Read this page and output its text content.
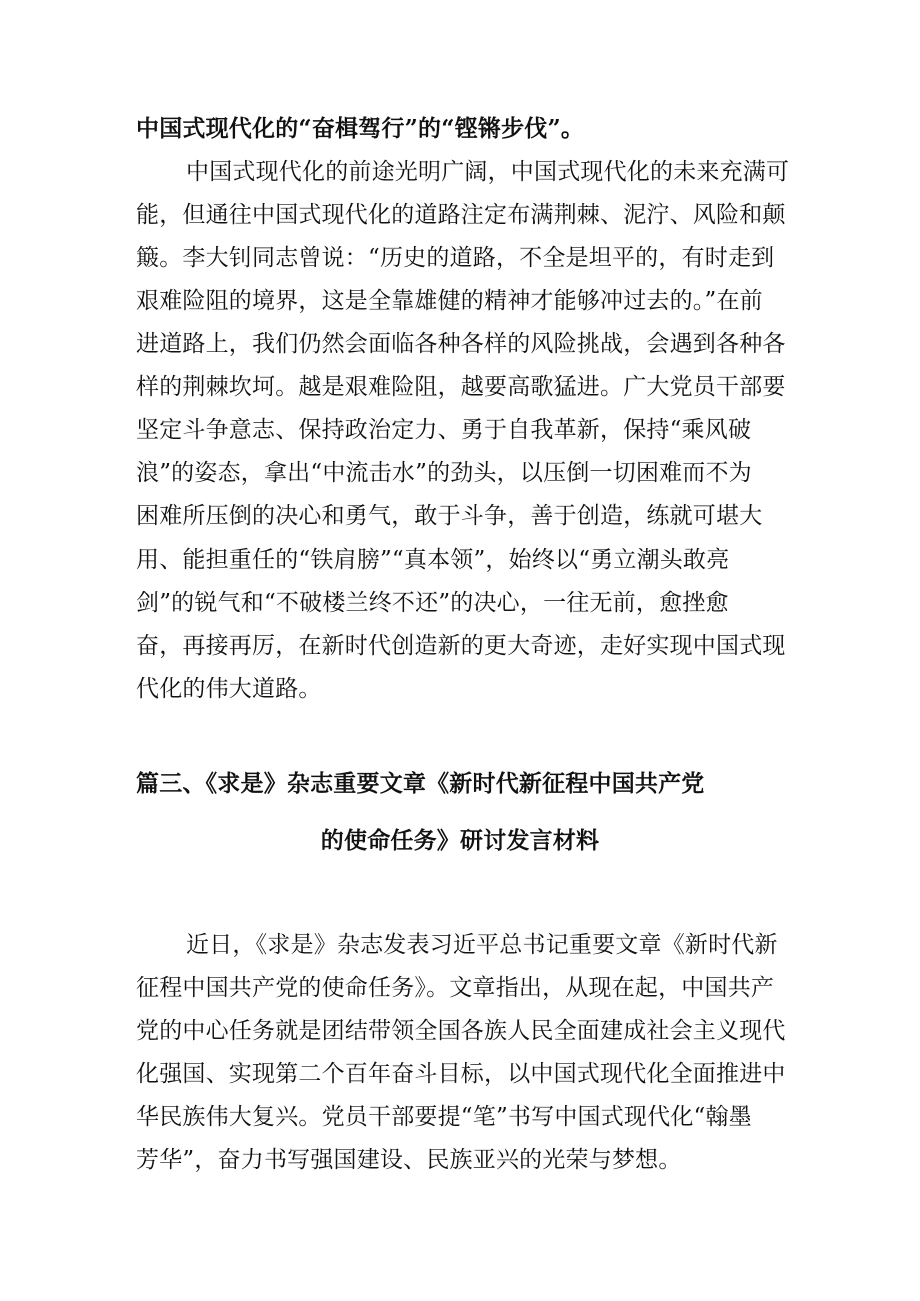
中国式现代化的“奋楫驾行”的“铿锵步伐”。
中国式现代化的前途光明广阔，中国式现代化的未来充满可
能，但通往中国式现代化的道路注定布满荆棘、泥泞、风险和颠
簸。李大钊同志曾说：“历史的道路，不全是坦平的，有时走到
艰难险阻的境界，这是全靠雄健的精神才能够冲过去的。”在前
进道路上，我们仍然会面临各种各样的风险挑战，会遇到各种各
样的荆棘坎坷。越是艰难险阻，越要高歌猛进。广大党员干部要
坚定斗争意志、保持政治定力、勇于自我革新，保持“乘风破
浪”的姿态，拿出“中流击水”的劲头，以压倒一切困难而不为
困难所压倒的决心和勇气，敢于斗争，善于创造，练就可堪大
用、能担重任的“铁肩膀”“真本领”，始终以“勇立潮头敢亮
剑”的锐气和“不破楼兰终不还”的决心，一往无前，愈挫愈
奋，再接再厉，在新时代创造新的更大奇迹，走好实现中国式现
代化的伟大道路。
篇三、《求是》杂志重要文章《新时代新征程中国共产党
的使命任务》研讨发言材料
近日，《求是》杂志发表习近平总书记重要文章《新时代新
征程中国共产党的使命任务》。文章指出，从现在起，中国共产
党的中心任务就是团结带领全国各族人民全面建成社会主义现代
化强国、实现第二个百年奋斗目标，以中国式现代化全面推进中
华民族伟大复兴。党员干部要提“笔”书写中国式现代化“翰墨
芳华”，奋力书写强国建设、民族亚兴的光荣与梦想。
